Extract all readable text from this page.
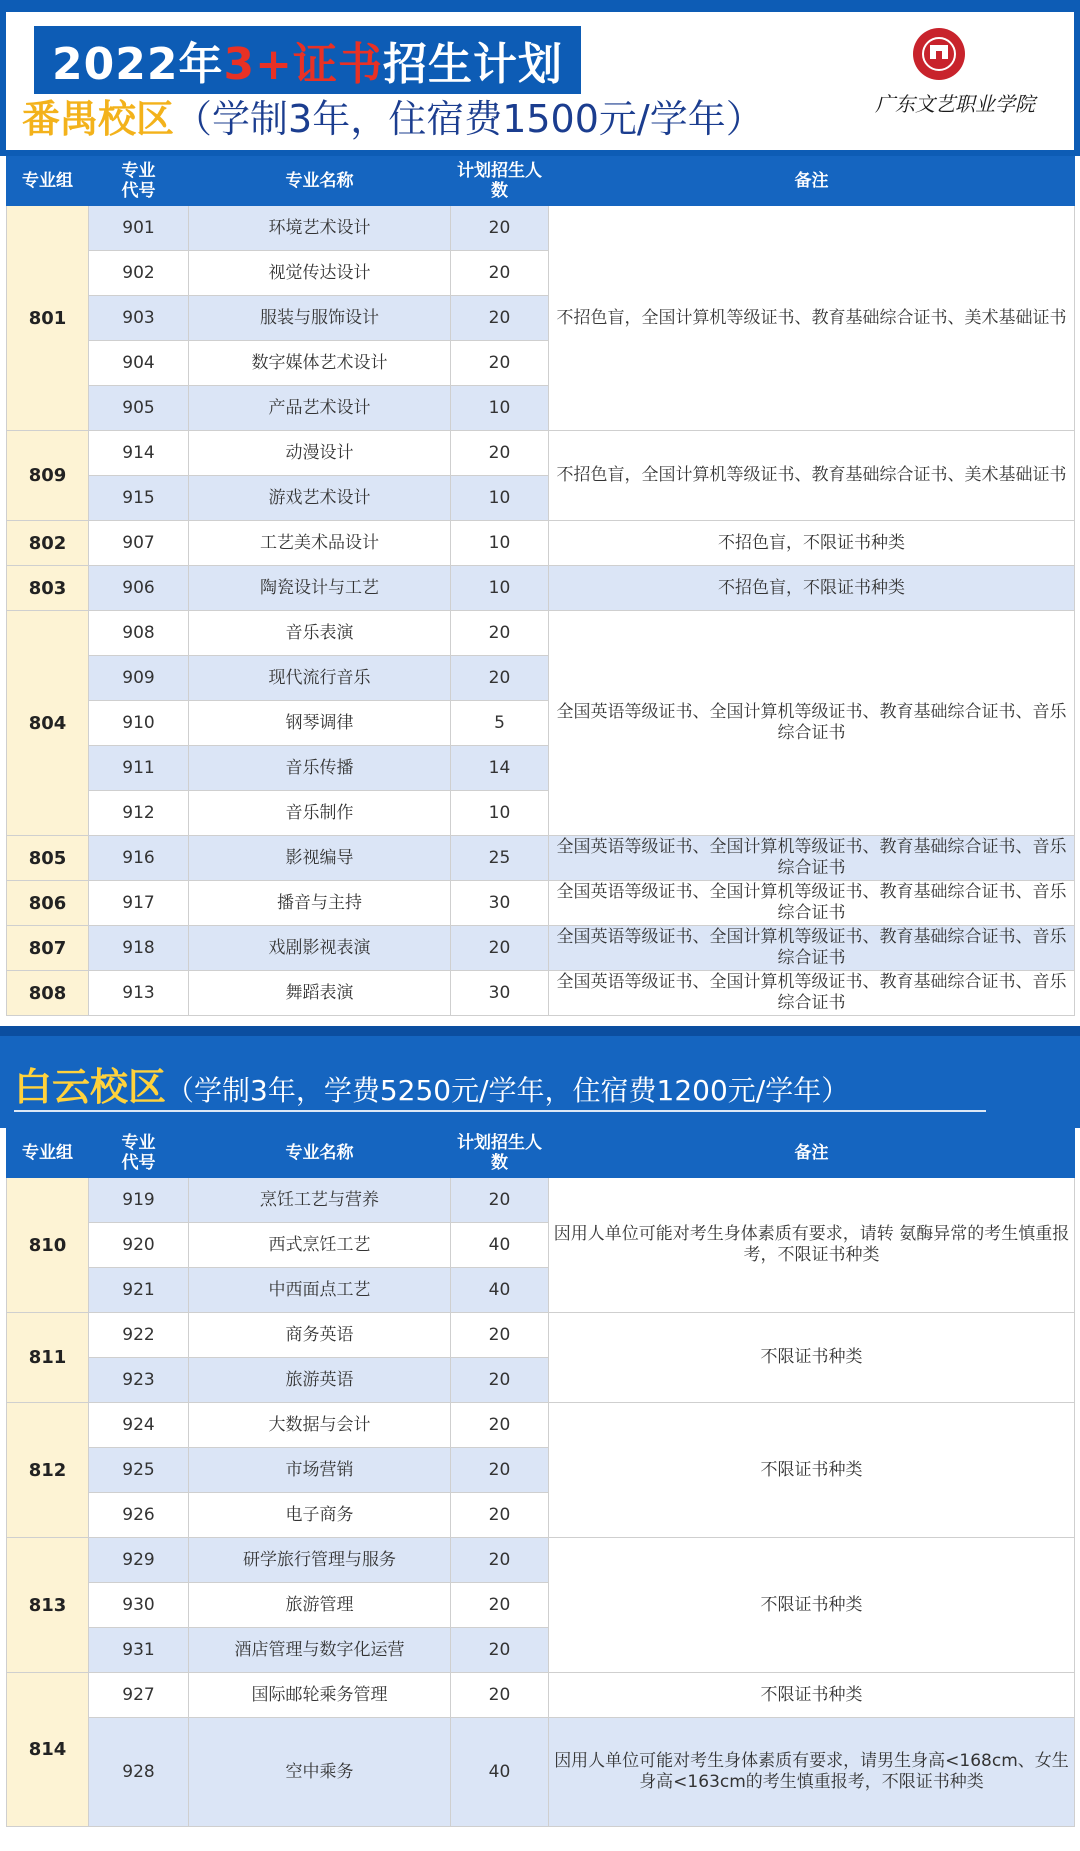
2022年3+证书招生计划
番禺校区（学制3年，住宿费1500元/学年）	广东文艺职业学院
专业组	专业代号	专业名称	计划招生人数	备注
801	901	环境艺术设计	20	不招色盲，全国计算机等级证书、教育基础综合证书、美术基础证书
	902	视觉传达设计	20	
	903	服装与服饰设计	20	
	904	数字媒体艺术设计	20	
	905	产品艺术设计	10	
809	914	动漫设计	20	不招色盲，全国计算机等级证书、教育基础综合证书、美术基础证书
	915	游戏艺术设计	10	
802	907	工艺美术品设计	10	不招色盲，不限证书种类
803	906	陶瓷设计与工艺	10	不招色盲，不限证书种类
804	908	音乐表演	20	全国英语等级证书、全国计算机等级证书、教育基础综合证书、音乐综合证书
	909	现代流行音乐	20	
	910	钢琴调律	5	
	911	音乐传播	14	
	912	音乐制作	10	
805	916	影视编导	25	全国英语等级证书、全国计算机等级证书、教育基础综合证书、音乐综合证书
806	917	播音与主持	30	全国英语等级证书、全国计算机等级证书、教育基础综合证书、音乐综合证书
807	918	戏剧影视表演	20	全国英语等级证书、全国计算机等级证书、教育基础综合证书、音乐综合证书
808	913	舞蹈表演	30	全国英语等级证书、全国计算机等级证书、教育基础综合证书、音乐综合证书
白云校区（学制3年，学费5250元/学年，住宿费1200元/学年）
专业组	专业代号	专业名称	计划招生人数	备注
810	919	烹饪工艺与营养	20	因用人单位可能对考生身体素质有要求，请转 氨酶异常的考生慎重报考，不限证书种类
	920	西式烹饪工艺	40	
	921	中西面点工艺	40	
811	922	商务英语	20	不限证书种类
	923	旅游英语	20	
812	924	大数据与会计	20	不限证书种类
	925	市场营销	20	
	926	电子商务	20	
813	929	研学旅行管理与服务	20	不限证书种类
	930	旅游管理	20	
	931	酒店管理与数字化运营	20	
814	927	国际邮轮乘务管理	20	不限证书种类
	928	空中乘务	40	因用人单位可能对考生身体素质有要求，请男生身高<168cm、女生身高<163cm的考生慎重报考，不限证书种类
